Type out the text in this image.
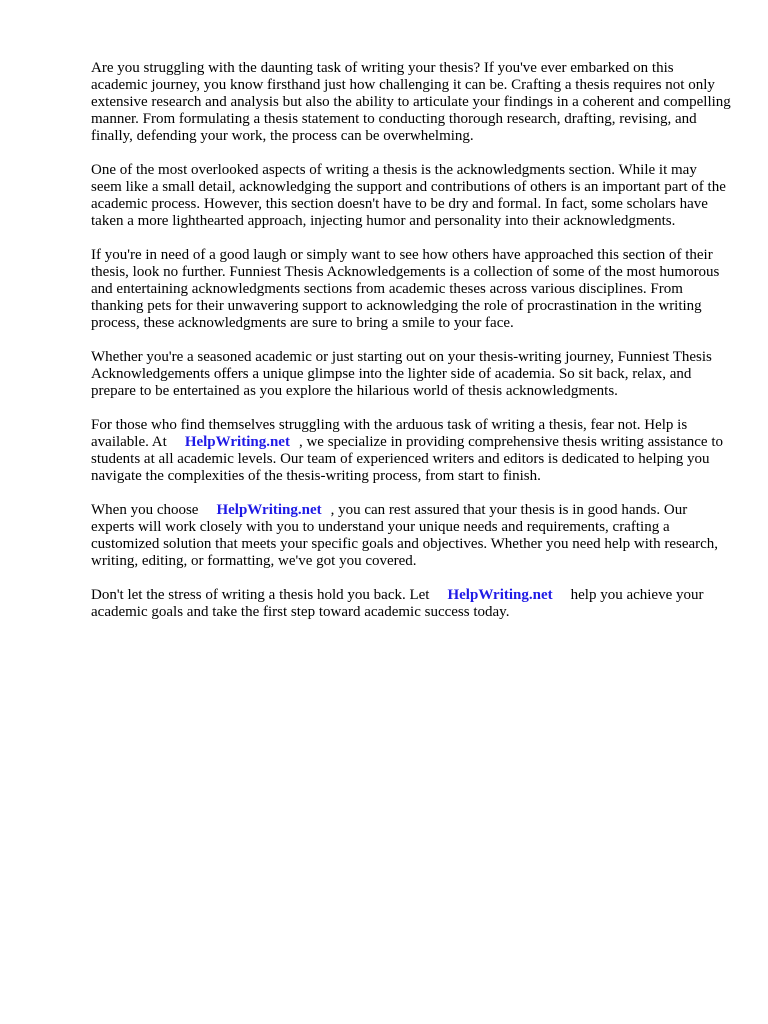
Are you struggling with the daunting task of writing your thesis? If you've ever embarked on this academic journey, you know firsthand just how challenging it can be. Crafting a thesis requires not only extensive research and analysis but also the ability to articulate your findings in a coherent and compelling manner. From formulating a thesis statement to conducting thorough research, drafting, revising, and finally, defending your work, the process can be overwhelming.

One of the most overlooked aspects of writing a thesis is the acknowledgments section. While it may seem like a small detail, acknowledging the support and contributions of others is an important part of the academic process. However, this section doesn't have to be dry and formal. In fact, some scholars have taken a more lighthearted approach, injecting humor and personality into their acknowledgments.

If you're in need of a good laugh or simply want to see how others have approached this section of their thesis, look no further. Funniest Thesis Acknowledgements is a collection of some of the most humorous and entertaining acknowledgments sections from academic theses across various disciplines. From thanking pets for their unwavering support to acknowledging the role of procrastination in the writing process, these acknowledgments are sure to bring a smile to your face.

Whether you're a seasoned academic or just starting out on your thesis-writing journey, Funniest Thesis Acknowledgements offers a unique glimpse into the lighter side of academia. So sit back, relax, and prepare to be entertained as you explore the hilarious world of thesis acknowledgments.

For those who find themselves struggling with the arduous task of writing a thesis, fear not. Help is available. At HelpWriting.net , we specialize in providing comprehensive thesis writing assistance to students at all academic levels. Our team of experienced writers and editors is dedicated to helping you navigate the complexities of the thesis-writing process, from start to finish.

When you choose HelpWriting.net , you can rest assured that your thesis is in good hands. Our experts will work closely with you to understand your unique needs and requirements, crafting a customized solution that meets your specific goals and objectives. Whether you need help with research, writing, editing, or formatting, we've got you covered.

Don't let the stress of writing a thesis hold you back. Let HelpWriting.net help you achieve your academic goals and take the first step toward academic success today.
